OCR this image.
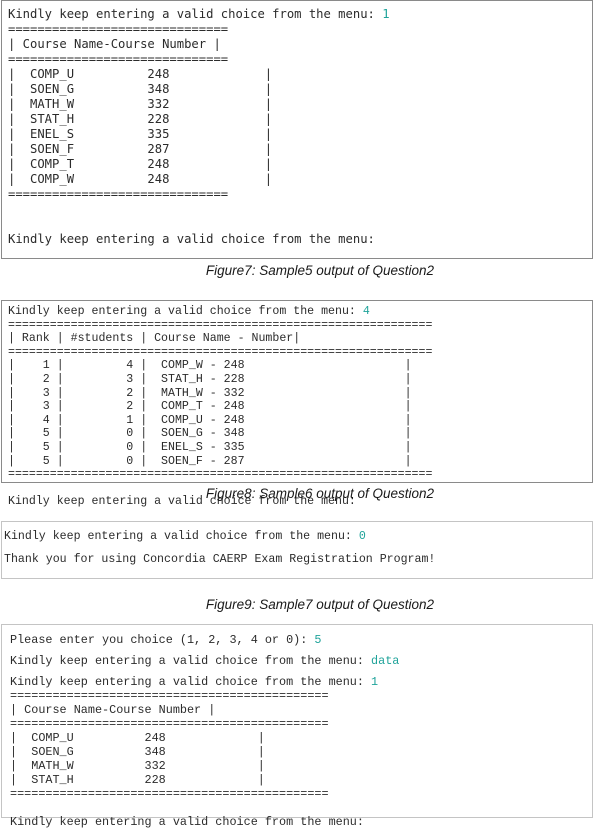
Kindly keep entering a valid choice from the menu: 1
==============================
| Course Name-Course Number |
==============================
|  COMP_U          248             |
|  SOEN_G          348             |
|  MATH_W          332             |
|  STAT_H          228             |
|  ENEL_S          335             |
|  SOEN_F          287             |
|  COMP_T          248             |
|  COMP_W          248             |
==============================

Kindly keep entering a valid choice from the menu:
Figure7: Sample5 output of Question2
Kindly keep entering a valid choice from the menu: 4
=============================================================
| Rank | #students | Course Name - Number|
=============================================================
|    1 |         4 |  COMP_W - 248                       |
|    2 |         3 |  STAT_H - 228                       |
|    3 |         2 |  MATH_W - 332                       |
|    3 |         2 |  COMP_T - 248                       |
|    4 |         1 |  COMP_U - 248                       |
|    5 |         0 |  SOEN_G - 348                       |
|    5 |         0 |  ENEL_S - 335                       |
|    5 |         0 |  SOEN_F - 287                       |
=============================================================

Kindly keep entering a valid choice from the menu:
Figure8: Sample6 output of Question2
Kindly keep entering a valid choice from the menu: 0

Thank you for using Concordia CAERP Exam Registration Program!
Figure9: Sample7 output of Question2
Please enter you choice (1, 2, 3, 4 or 0): 5

Kindly keep entering a valid choice from the menu: data

Kindly keep entering a valid choice from the menu: 1
=============================================
| Course Name-Course Number |
=============================================
|  COMP_U          248             |
|  SOEN_G          348             |
|  MATH_W          332             |
|  STAT_H          228             |
=============================================

Kindly keep entering a valid choice from the menu:
